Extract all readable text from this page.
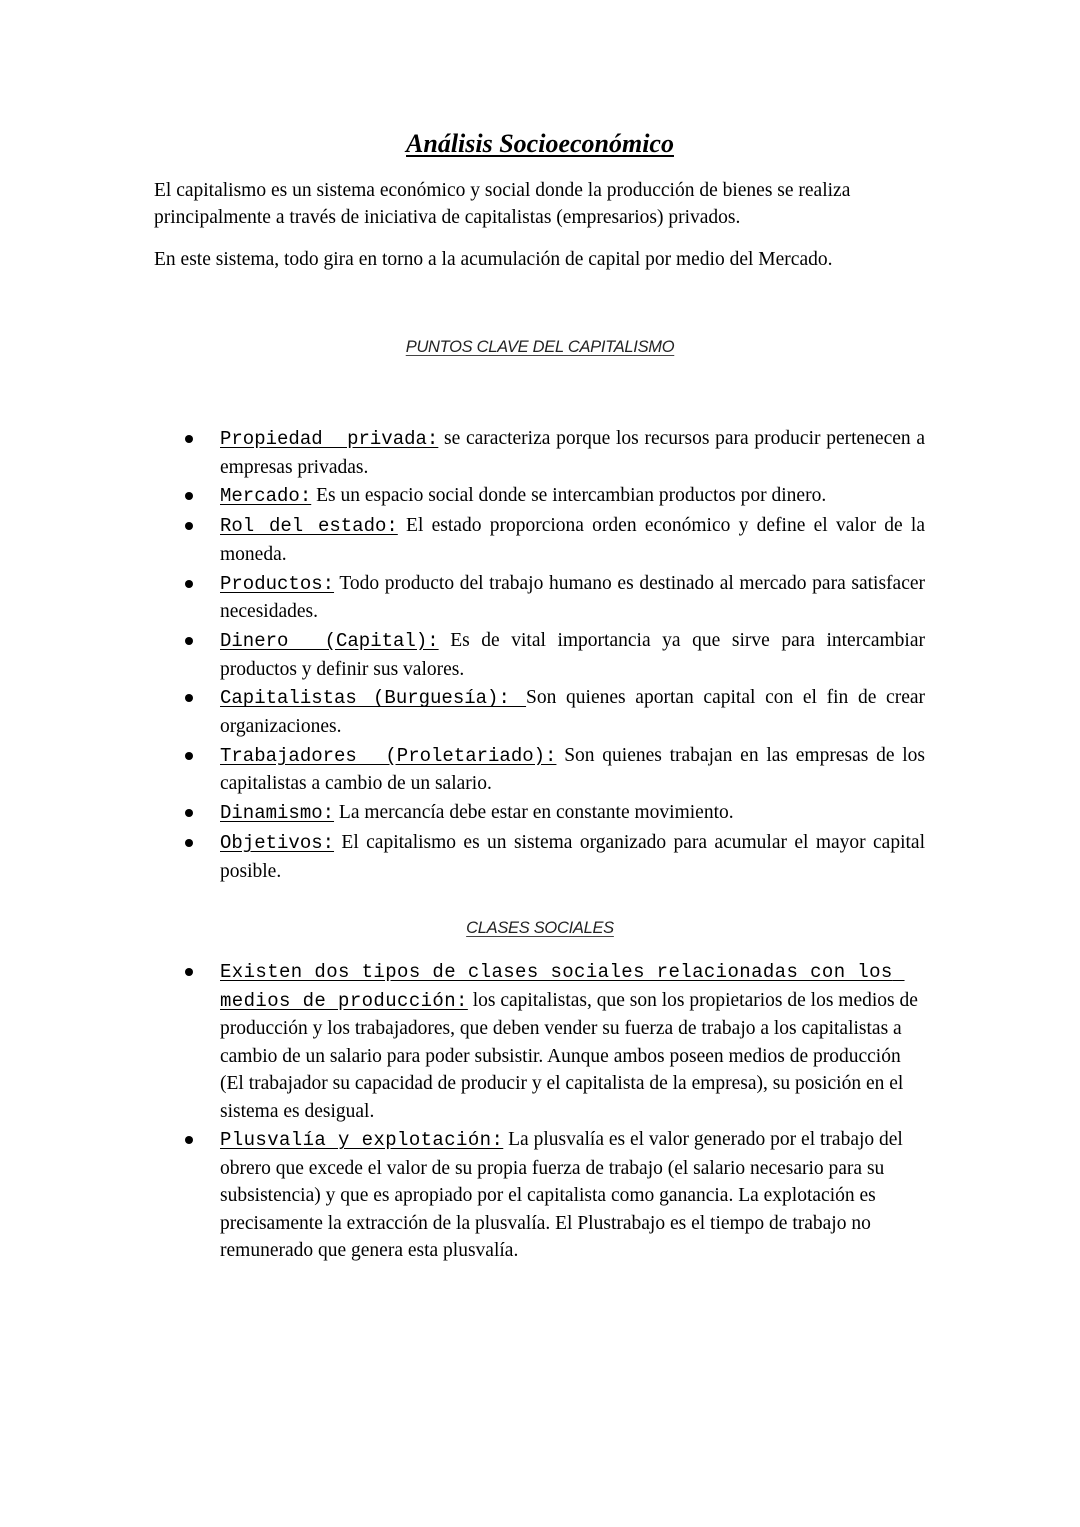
Análisis Socioeconómico

El capitalismo es un sistema económico y social donde la producción de bienes se realiza principalmente a través de iniciativa de capitalistas (empresarios) privados.

En este sistema, todo gira en torno a la acumulación de capital por medio del Mercado.

PUNTOS CLAVE DEL CAPITALISMO
Propiedad  privada: se caracteriza porque los recursos para producir pertenecen a empresas privadas.
Mercado: Es un espacio social donde se intercambian productos por dinero.
Rol del estado: El estado proporciona orden económico y define el valor de la moneda.
Productos: Todo producto del trabajo humano es destinado al mercado para satisfacer necesidades.
Dinero  (Capital): Es de vital importancia ya que sirve para intercambiar productos y definir sus valores.
Capitalistas (Burguesía): Son quienes aportan capital con el fin de crear organizaciones.
Trabajadores  (Proletariado): Son quienes trabajan en las empresas de los capitalistas a cambio de un salario.
Dinamismo: La mercancía debe estar en constante movimiento.
Objetivos: El capitalismo es un sistema organizado para acumular el mayor capital posible.
CLASES SOCIALES
Existen dos tipos de clases sociales relacionadas con los medios de producción: los capitalistas, que son los propietarios de los medios de producción y los trabajadores, que deben vender su fuerza de trabajo a los capitalistas a cambio de un salario para poder subsistir. Aunque ambos poseen medios de producción (El trabajador su capacidad de producir y el capitalista de la empresa), su posición en el sistema es desigual.
Plusvalía y explotación: La plusvalía es el valor generado por el trabajo del obrero que excede el valor de su propia fuerza de trabajo (el salario necesario para su subsistencia) y que es apropiado por el capitalista como ganancia. La explotación es precisamente la extracción de la plusvalía. El Plustrabajo es el tiempo de trabajo no remunerado que genera esta plusvalía.
